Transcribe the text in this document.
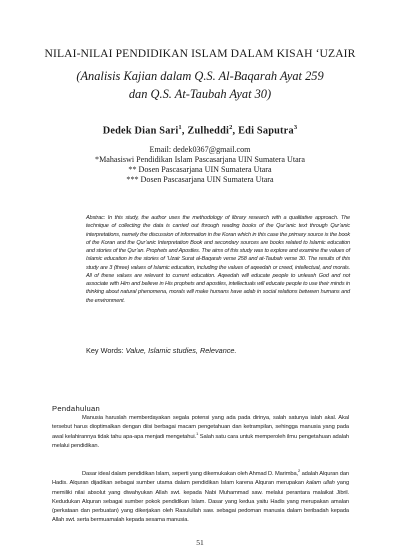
NILAI-NILAI PENDIDIKAN ISLAM DALAM KISAH ‘UZAIR
(Analisis Kajian dalam Q.S. Al-Baqarah Ayat 259
dan Q.S. At-Taubah Ayat 30)
Dedek Dian Sari$^1$, Zulheddi$^2$, Edi Saputra$^3$
Email: dedek0367@gmail.com
*Mahasiswi Pendidikan Islam Pascasarjana UIN Sumatera Utara
** Dosen Pascasarjana UIN Sumatera Utara
*** Dosen Pascasarjana UIN Sumatera Utara
Abstrac: In this study, the author uses the methodology of library research with a qualitative approach. The technique of collecting the data is carried out through reading books of the Qur’anic text through Qur’anic interpretations, namely the discussion of information in the Koran which in this case the primary source is the book of the Koran and the Qur’anic Interpretation Book and secondary sources are books related to Islamic education and stories of the Qur’an. Prophets and Apostles. The aims of this study was to explore and examine the values of Islamic education in the stories of ‘Uzair Surat al-Baqarah verse 258 and at-Taubah verse 30. The results of this study are 3 (three) values of Islamic education, including the values of aqeedah or creed, intellectual, and morals. All of these values are relevant to current education. Aqeedah will educate people to unleash God and not associate with Him and believe in His prophets and apostles, intellectuals will educate people to use their minds in thinking about natural phenomena, morals will make humans have adab in social relations between humans and the environment.
Key Words: Value, Islamic studies, Relevance.
Pendahuluan
Manusia haruslah memberdayakan segala potensi yang ada pada dirinya, salah satunya ialah akal. Akal tersebut harus dioptimalkan dengan diisi berbagai macam pengetahuan dan ketrampilan, sehingga manusia yang pada awal kelahirannya tidak tahu apa-apa menjadi mengetahui.$^1$ Salah satu cara untuk memperoleh ilmu pengetahuan adalah melalui pendidikan.
Dasar ideal dalam pendidikan Islam, seperti yang dikemukakan oleh Ahmad D. Marimba,$^2$ adalah Alquran dan Hadis. Alquran dijadikan sebagai sumber utama dalam pendidikan Islam karena Alquran merupakan kalam ullah yang memiliki nilai absolut yang diwahyukan Allah swt. kepada Nabi Muhammad saw. melalui perantara malaikat Jibril. Kedudukan Alquran sebagai sumber pokok pendidikan Islam. Dasar yang kedua yaitu Hadis yang merupakan amalan (perkataan dan perbuatan) yang dikerjakan oleh Rasulullah saw. sebagai pedoman manusia dalam beribadah kepada Allah swt. serta bermuamalah kepada sesama manusia.
51
